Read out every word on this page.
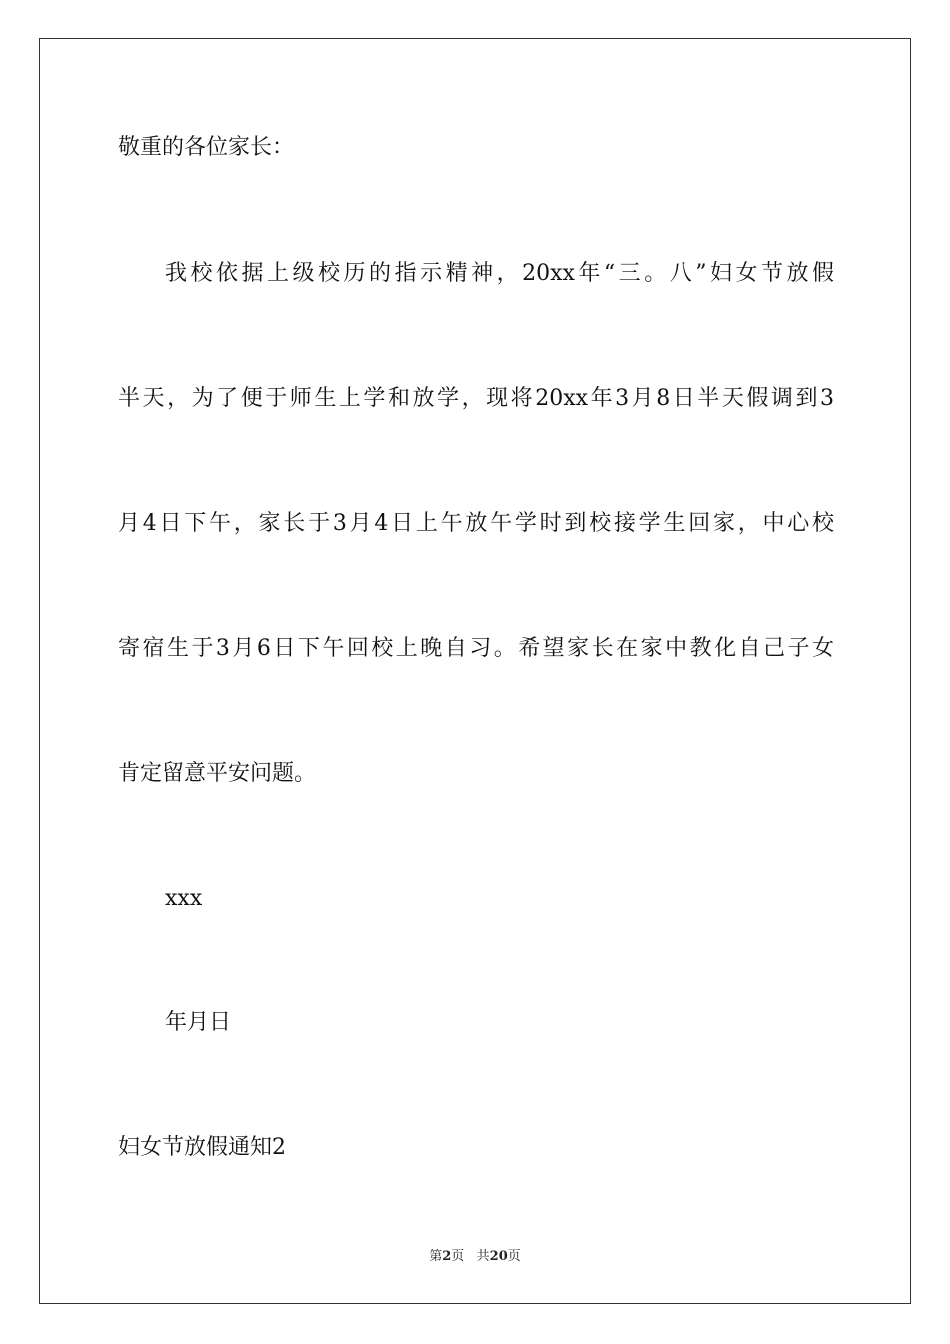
敬重的各位家长：
我校依据上级校历的指示精神，20xx年“三。八”妇女节放假
半天，为了便于师生上学和放学，现将20xx年3月8日半天假调到3
月4日下午，家长于3月4日上午放午学时到校接学生回家，中心校
寄宿生于3月6日下午回校上晚自习。希望家长在家中教化自己子女
肯定留意平安问题。
xxx
年月日
妇女节放假通知2
第2页   共20页
